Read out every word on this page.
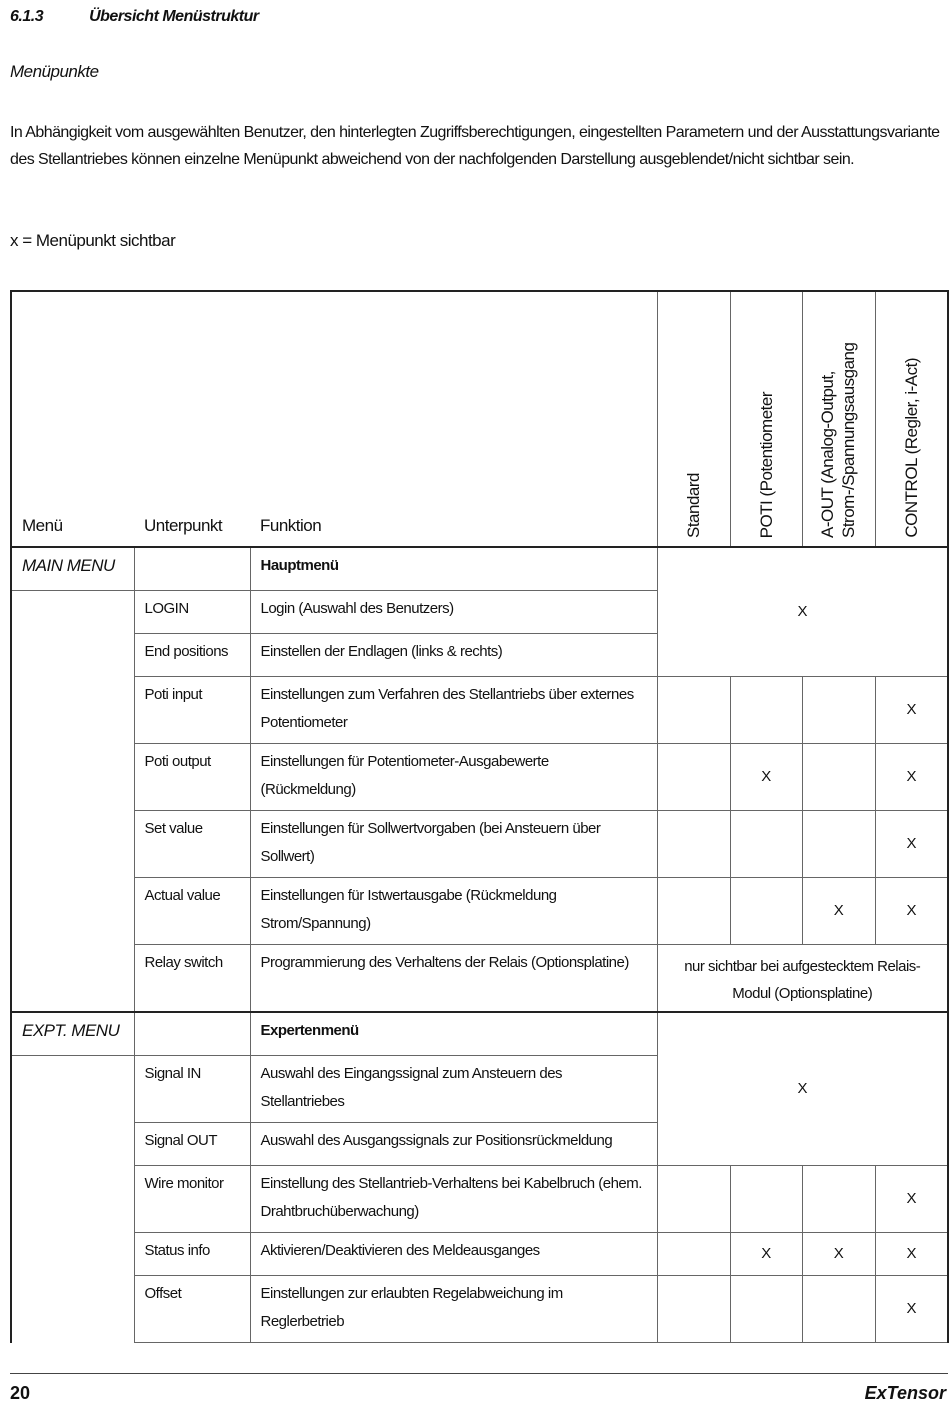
6.1.3	Übersicht Menüstruktur
Menüpunkte
In Abhängigkeit vom ausgewählten Benutzer, den hinterlegten Zugriffsberechtigungen, eingestellten Parametern und der Ausstattungsvariante des Stellantriebes können einzelne Menüpunkt abweichend von der nachfolgenden Darstellung ausgeblendet/nicht sichtbar sein.
x = Menüpunkt sichtbar
Menü	Unterpunkt	Funktion	Standard	POTI (Potentiometer	A-OUT (Analog-Output, Strom-/Spannungsausgang	CONTROL (Regler, i-Act)

MAIN MENU		Hauptmenü	X			
	LOGIN	Login (Auswahl des Benutzers)				
	End positions	Einstellen der Endlagen (links & rechts)				
	Poti input	Einstellungen zum Verfahren des Stellantriebs über externes Potentiometer				X
	Poti output	Einstellungen für Potentiometer-Ausgabewerte (Rückmeldung)		X		X
	Set value	Einstellungen für Sollwertvorgaben (bei Ansteuern über Sollwert)				X
	Actual value	Einstellungen für Istwertausgabe (Rückmeldung Strom/Spannung)			X	X
	Relay switch	Programmierung des Verhaltens der Relais (Optionsplatine)	nur sichtbar bei aufgestecktem Relais-Modul (Optionsplatine)			
EXPT. MENU		Expertenmenü	X			
	Signal IN	Auswahl des Eingangssignal zum Ansteuern des Stellantriebes				
	Signal OUT	Auswahl des Ausgangssignals zur Positionsrückmeldung				
	Wire monitor	Einstellung des Stellantrieb-Verhaltens bei Kabelbruch (ehem. Drahtbruchüberwachung)				X
	Status info	Aktivieren/Deaktivieren des Meldeausganges		X	X	X
	Offset	Einstellungen zur erlaubten Regelabweichung im Reglerbetrieb				X
20	ExTensor
